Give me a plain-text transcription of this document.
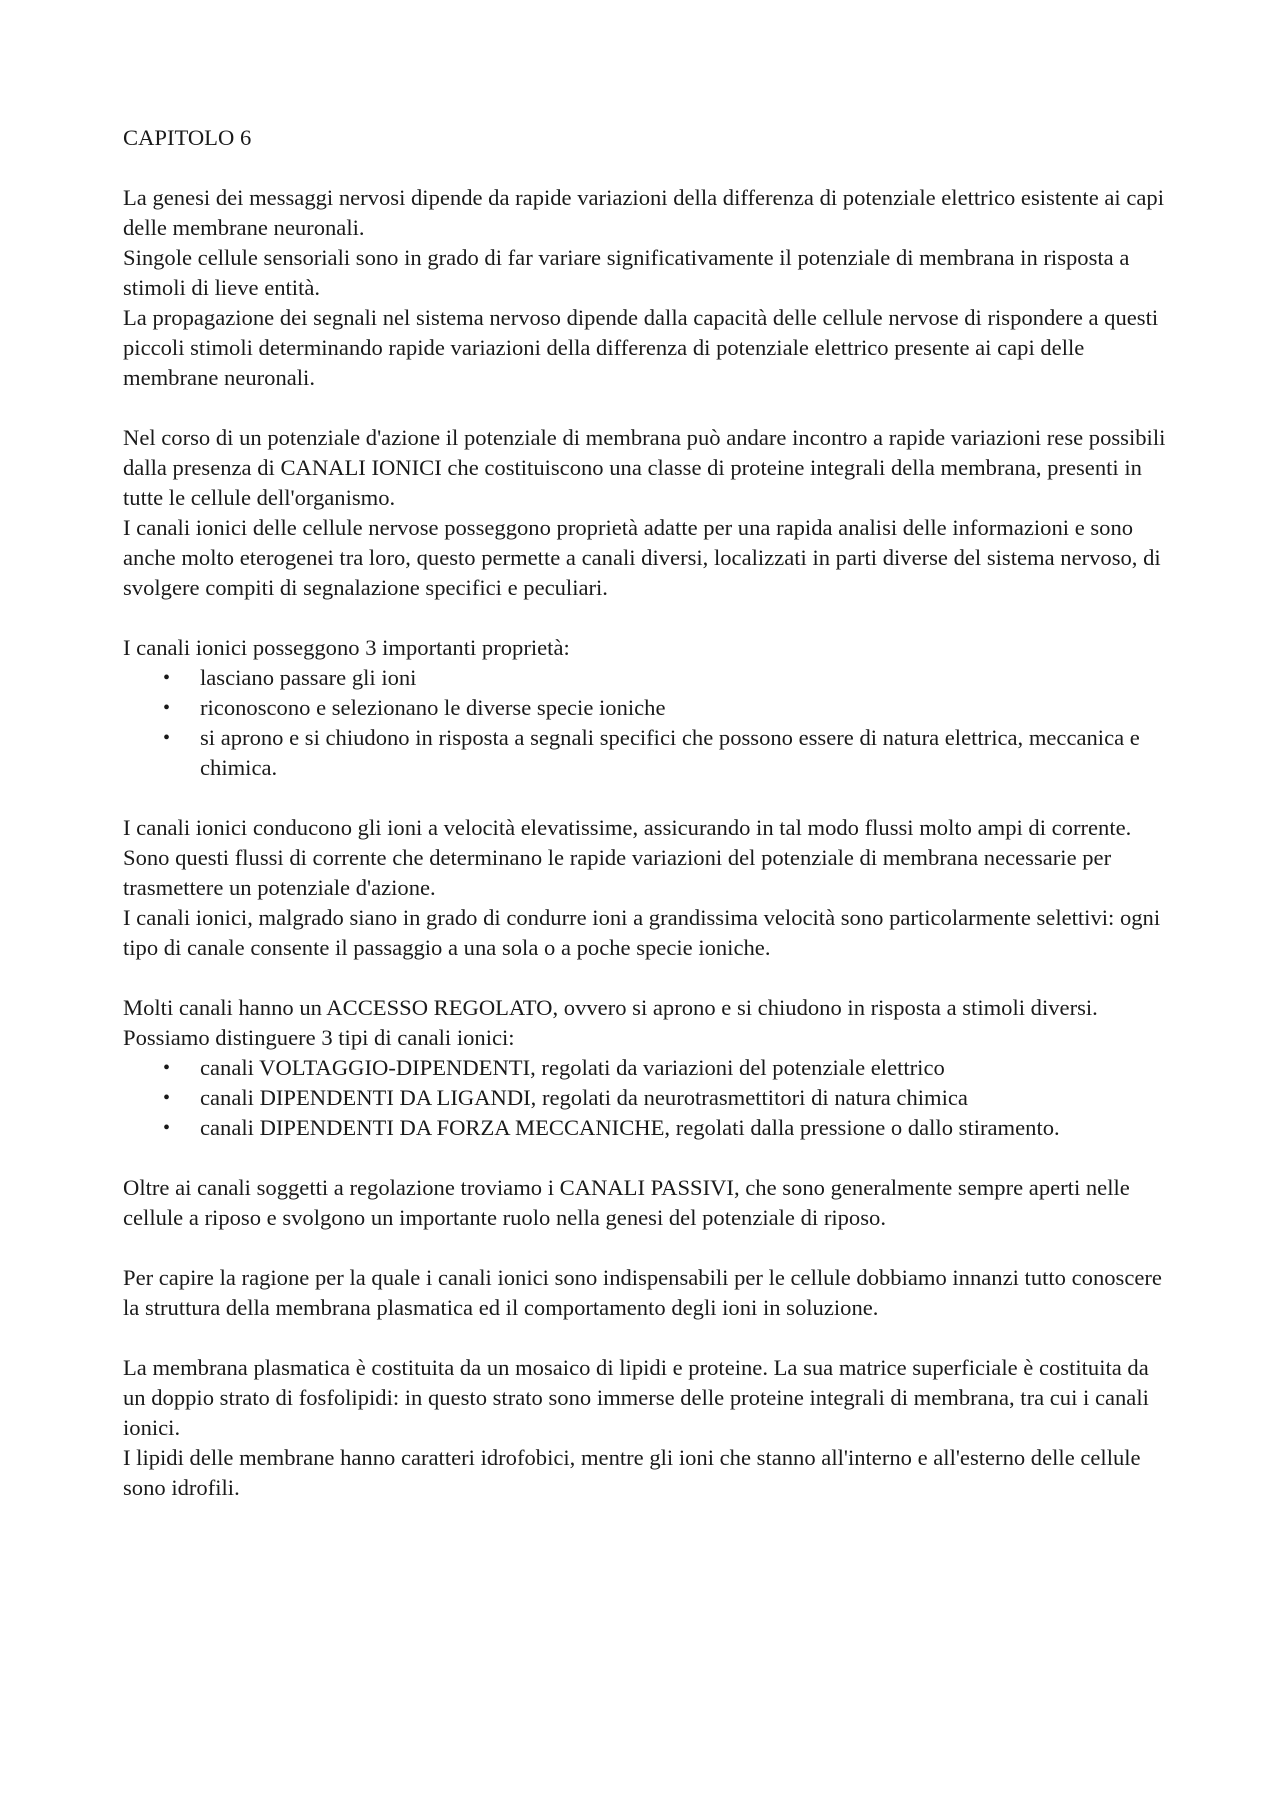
CAPITOLO 6

La genesi dei messaggi nervosi dipende da rapide variazioni della differenza di potenziale elettrico esistente ai capi delle membrane neuronali.

Singole cellule sensoriali sono in grado di far variare significativamente il potenziale di membrana in risposta a stimoli di lieve entità.

La propagazione dei segnali nel sistema nervoso dipende dalla capacità delle cellule nervose di rispondere a questi piccoli stimoli determinando rapide variazioni della differenza di potenziale elettrico presente ai capi delle membrane neuronali.

Nel corso di un potenziale d'azione il potenziale di membrana può andare incontro a rapide variazioni rese possibili dalla presenza di CANALI IONICI che costituiscono una classe di proteine integrali della membrana, presenti in tutte le cellule dell'organismo.

I canali ionici delle cellule nervose posseggono proprietà adatte per una rapida analisi delle informazioni e sono anche molto eterogenei tra loro, questo permette a canali diversi, localizzati in parti diverse del sistema nervoso, di svolgere compiti di segnalazione specifici e peculiari.

I canali ionici posseggono 3 importanti proprietà:

• lasciano passare gli ioni
• riconoscono e selezionano le diverse specie ioniche
• si aprono e si chiudono in risposta a segnali specifici che possono essere di natura elettrica, meccanica e chimica.

I canali ionici conducono gli ioni a velocità elevatissime, assicurando in tal modo flussi molto ampi di corrente. Sono questi flussi di corrente che determinano le rapide variazioni del potenziale di membrana necessarie per trasmettere un potenziale d'azione.

I canali ionici, malgrado siano in grado di condurre ioni a grandissima velocità sono particolarmente selettivi: ogni tipo di canale consente il passaggio a una sola o a poche specie ioniche.

Molti canali hanno un ACCESSO REGOLATO, ovvero si aprono e si chiudono in risposta a stimoli diversi. Possiamo distinguere 3 tipi di canali ionici:

• canali VOLTAGGIO-DIPENDENTI, regolati da variazioni del potenziale elettrico
• canali DIPENDENTI DA LIGANDI, regolati da neurotrasmettitori di natura chimica
• canali DIPENDENTI DA FORZA MECCANICHE, regolati dalla pressione o dallo stiramento.

Oltre ai canali soggetti a regolazione troviamo i CANALI PASSIVI, che sono generalmente sempre aperti nelle cellule a riposo e svolgono un importante ruolo nella genesi del potenziale di riposo.

Per capire la ragione per la quale i canali ionici sono indispensabili per le cellule dobbiamo innanzi tutto conoscere la struttura della membrana plasmatica ed il comportamento degli ioni in soluzione.

La membrana plasmatica è costituita da un mosaico di lipidi e proteine. La sua matrice superficiale è costituita da un doppio strato di fosfolipidi: in questo strato sono immerse delle proteine integrali di membrana, tra cui i canali ionici.

I lipidi delle membrane hanno caratteri idrofobici, mentre gli ioni che stanno all'interno e all'esterno delle cellule sono idrofili.
